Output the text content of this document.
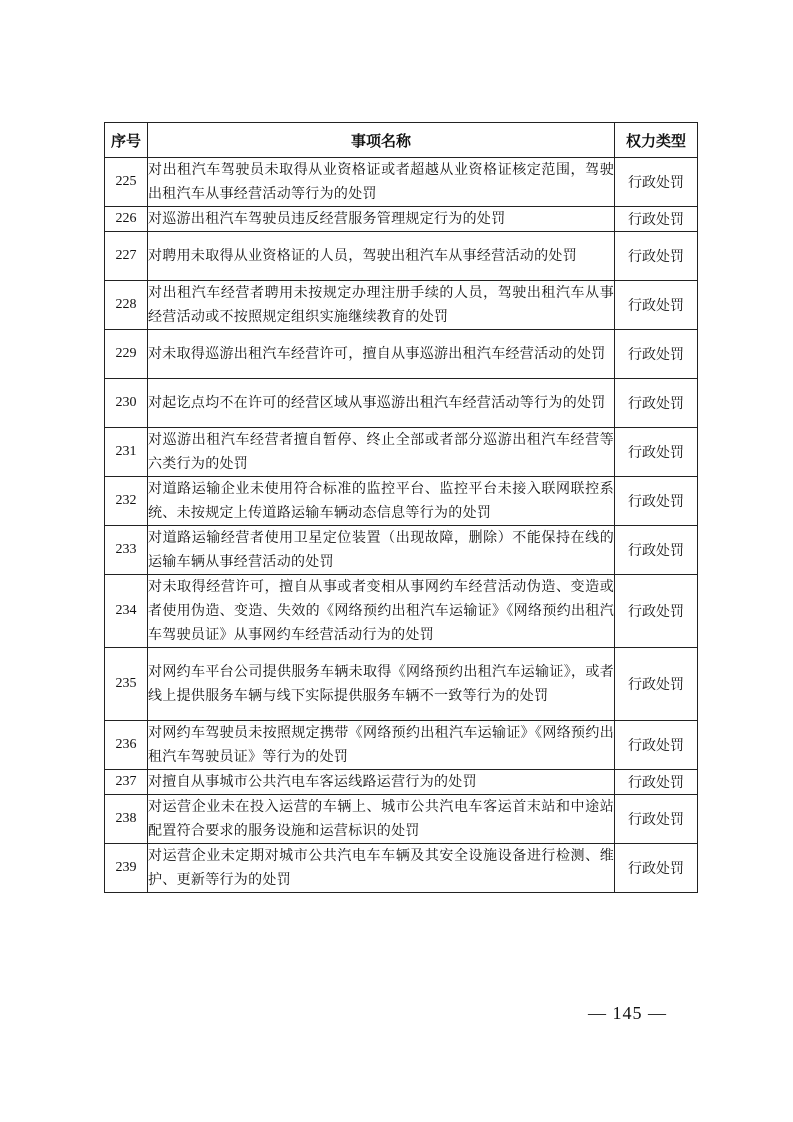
序号	事项名称	权力类型
225	对出租汽车驾驶员未取得从业资格证或者超越从业资格证核定范围，驾驶出租汽车从事经营活动等行为的处罚	行政处罚
226	对巡游出租汽车驾驶员违反经营服务管理规定行为的处罚	行政处罚
227	对聘用未取得从业资格证的人员，驾驶出租汽车从事经营活动的处罚	行政处罚
228	对出租汽车经营者聘用未按规定办理注册手续的人员，驾驶出租汽车从事经营活动或不按照规定组织实施继续教育的处罚	行政处罚
229	对未取得巡游出租汽车经营许可，擅自从事巡游出租汽车经营活动的处罚	行政处罚
230	对起讫点均不在许可的经营区域从事巡游出租汽车经营活动等行为的处罚	行政处罚
231	对巡游出租汽车经营者擅自暂停、终止全部或者部分巡游出租汽车经营等六类行为的处罚	行政处罚
232	对道路运输企业未使用符合标准的监控平台、监控平台未接入联网联控系统、未按规定上传道路运输车辆动态信息等行为的处罚	行政处罚
233	对道路运输经营者使用卫星定位装置（出现故障，删除）不能保持在线的运输车辆从事经营活动的处罚	行政处罚
234	对未取得经营许可，擅自从事或者变相从事网约车经营活动伪造、变造或者使用伪造、变造、失效的《网络预约出租汽车运输证》《网络预约出租汽车驾驶员证》从事网约车经营活动行为的处罚	行政处罚
235	对网约车平台公司提供服务车辆未取得《网络预约出租汽车运输证》，或者线上提供服务车辆与线下实际提供服务车辆不一致等行为的处罚	行政处罚
236	对网约车驾驶员未按照规定携带《网络预约出租汽车运输证》《网络预约出租汽车驾驶员证》等行为的处罚	行政处罚
237	对擅自从事城市公共汽电车客运线路运营行为的处罚	行政处罚
238	对运营企业未在投入运营的车辆上、城市公共汽电车客运首末站和中途站配置符合要求的服务设施和运营标识的处罚	行政处罚
239	对运营企业未定期对城市公共汽电车车辆及其安全设施设备进行检测、维护、更新等行为的处罚	行政处罚
— 145 —
